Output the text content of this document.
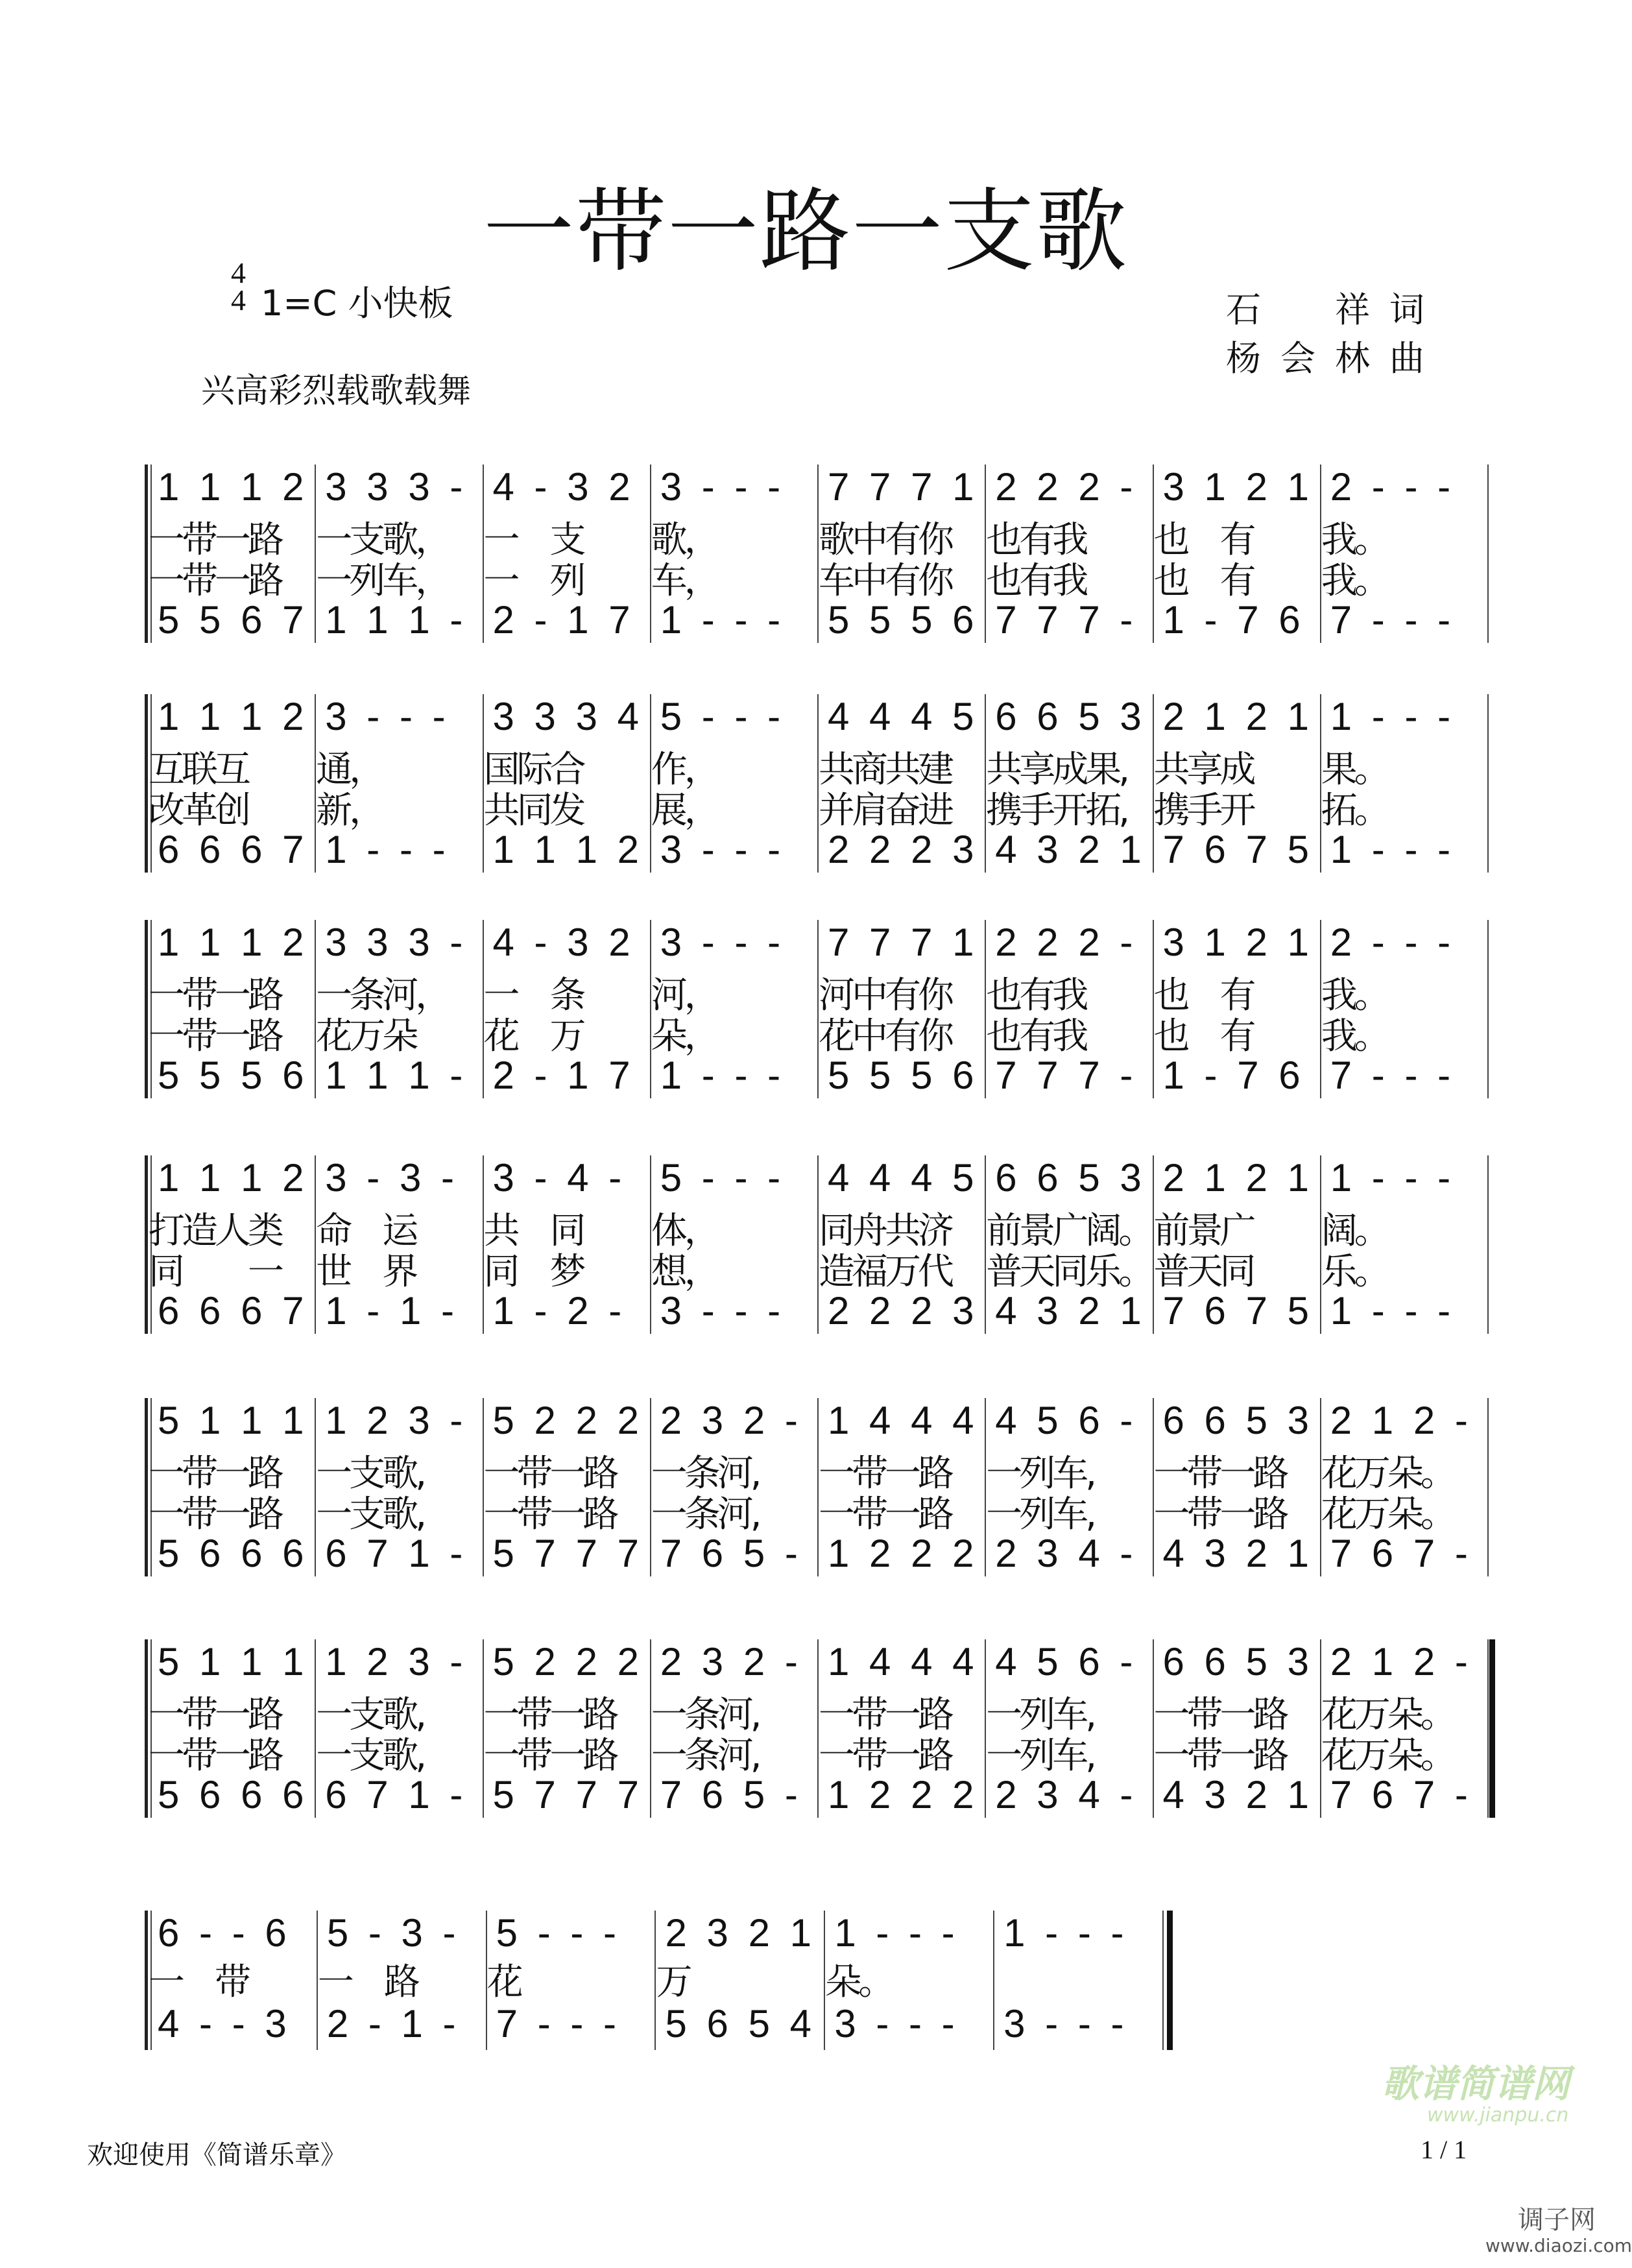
一带一路一支歌
4
4 1=C 小快板
兴高彩烈载歌载舞
石　祥词
杨会林曲
1 1 1 2
一带一路
一带一路
5 5 6 7
3 3 3 -
一支歌，
一列车，
1 1 1 -
4 - 3 2
一　支
一　列
2 - 1 7
3 - - -
歌，
车，
1 - - -
7 7 7 1
歌中有你
车中有你
5 5 5 6
2 2 2 -
也有我
也有我
7 7 7 -
3 1 2 1
也　有
也　有
1 - 7 6
2 - - -
我。
我。
7 - - -
1 1 1 2
互联互
改革创
6 6 6 7
3 - - -
通，
新，
1 - - -
3 3 3 4
国际合
共同发
1 1 1 2
5 - - -
作，
展，
3 - - -
4 4 4 5
共商共建
并肩奋进
2 2 2 3
6 6 5 3
共享成果,
携手开拓,
4 3 2 1
2 1 2 1
共享成
携手开
7 6 7 5
1 - - -
果。
拓。
1 - - -
1 1 1 2
一带一路
一带一路
5 5 5 6
3 3 3 -
一条河，
花万朵
1 1 1 -
4 - 3 2
一　条
花　万
2 - 1 7
3 - - -
河，
朵，
1 - - -
7 7 7 1
河中有你
花中有你
5 5 5 6
2 2 2 -
也有我
也有我
7 7 7 -
3 1 2 1
也　有
也　有
1 - 7 6
2 - - -
我。
我。
7 - - -
1 1 1 2
打造人类
同　　一
6 6 6 7
3 - 3 -
命　运
世　界
1 - 1 -
3 - 4 -
共　同
同　梦
1 - 2 -
5 - - -
体，
想，
3 - - -
4 4 4 5
同舟共济
造福万代
2 2 2 3
6 6 5 3
前景广阔。
普天同乐。
4 3 2 1
2 1 2 1
前景广
普天同
7 6 7 5
1 - - -
阔。
乐。
1 - - -
5 1 1 1
一带一路
一带一路
5 6 6 6
1 2 3 -
一支歌,
一支歌,
6 7 1 -
5 2 2 2
一带一路
一带一路
5 7 7 7
2 3 2 -
一条河,
一条河,
7 6 5 -
1 4 4 4
一带一路
一带一路
1 2 2 2
4 5 6 -
一列车,
一列车,
2 3 4 -
6 6 5 3
一带一路
一带一路
4 3 2 1
2 1 2 -
花万朵。
花万朵。
7 6 7 -
5 1 1 1
一带一路
一带一路
5 6 6 6
1 2 3 -
一支歌,
一支歌,
6 7 1 -
5 2 2 2
一带一路
一带一路
5 7 7 7
2 3 2 -
一条河,
一条河,
7 6 5 -
1 4 4 4
一带一路
一带一路
1 2 2 2
4 5 6 -
一列车,
一列车,
2 3 4 -
6 6 5 3
一带一路
一带一路
4 3 2 1
2 1 2 -
花万朵。
花万朵。
7 6 7 -
6 - - 6
一　带
4 - - 3
5 - 3 -
一　路
2 - 1 -
5 - - -
花
7 - - -
2 3 2 1
万
5 6 5 4
1 - - -
朵。
3 - - -
1 - - -
3 - - -
欢迎使用《简谱乐章》	1 / 1
歌谱简谱网
www.jianpu.cn
调子网
www.diaozi.com
